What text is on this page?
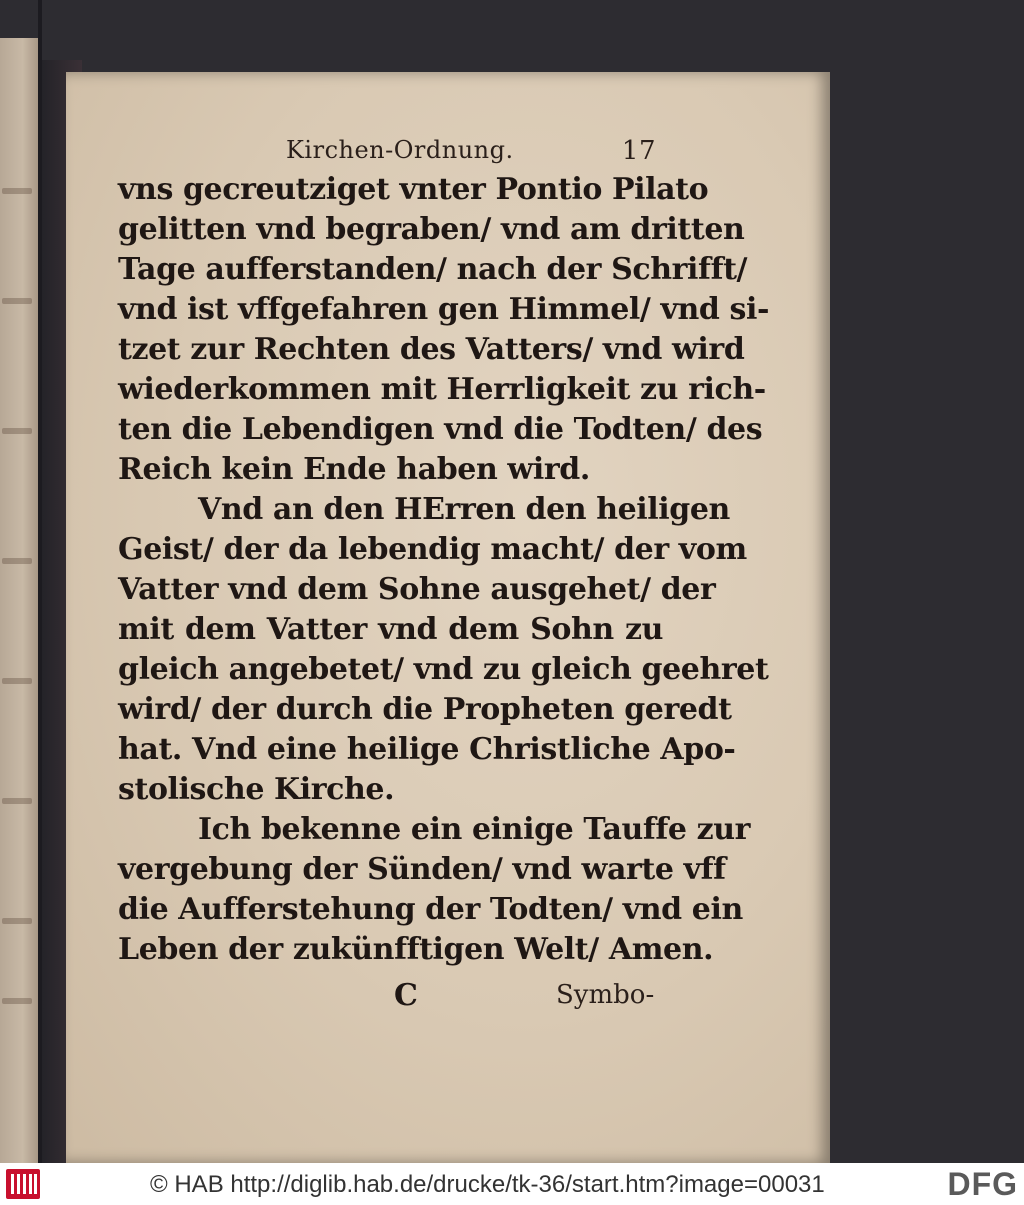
Kirchen-Ordnung.	17
vns gecreutziget vnter Pontio Pilato
gelitten vnd begraben/ vnd am dritten
Tage aufferstanden/ nach der Schrifft/
vnd ist vffgefahren gen Himmel/ vnd si-
tzet zur Rechten des Vatters/ vnd wird
wiederkommen mit Herrligkeit zu rich-
ten die Lebendigen vnd die Todten/ des
Reich kein Ende haben wird.
Vnd an den HErren den heiligen
Geist/ der da lebendig macht/ der vom
Vatter vnd dem Sohne ausgehet/ der
mit dem Vatter vnd dem Sohn zu
gleich angebetet/ vnd zu gleich geehret
wird/ der durch die Propheten geredt
hat. Vnd eine heilige Christliche Apo-
stolische Kirche.
Ich bekenne ein einige Tauffe zur
vergebung der Sünden/ vnd warte vff
die Aufferstehung der Todten/ vnd ein
Leben der zukünfftigen Welt/ Amen.
C	Symbo-
© HAB http://diglib.hab.de/drucke/tk-36/start.htm?image=00031	DFG
